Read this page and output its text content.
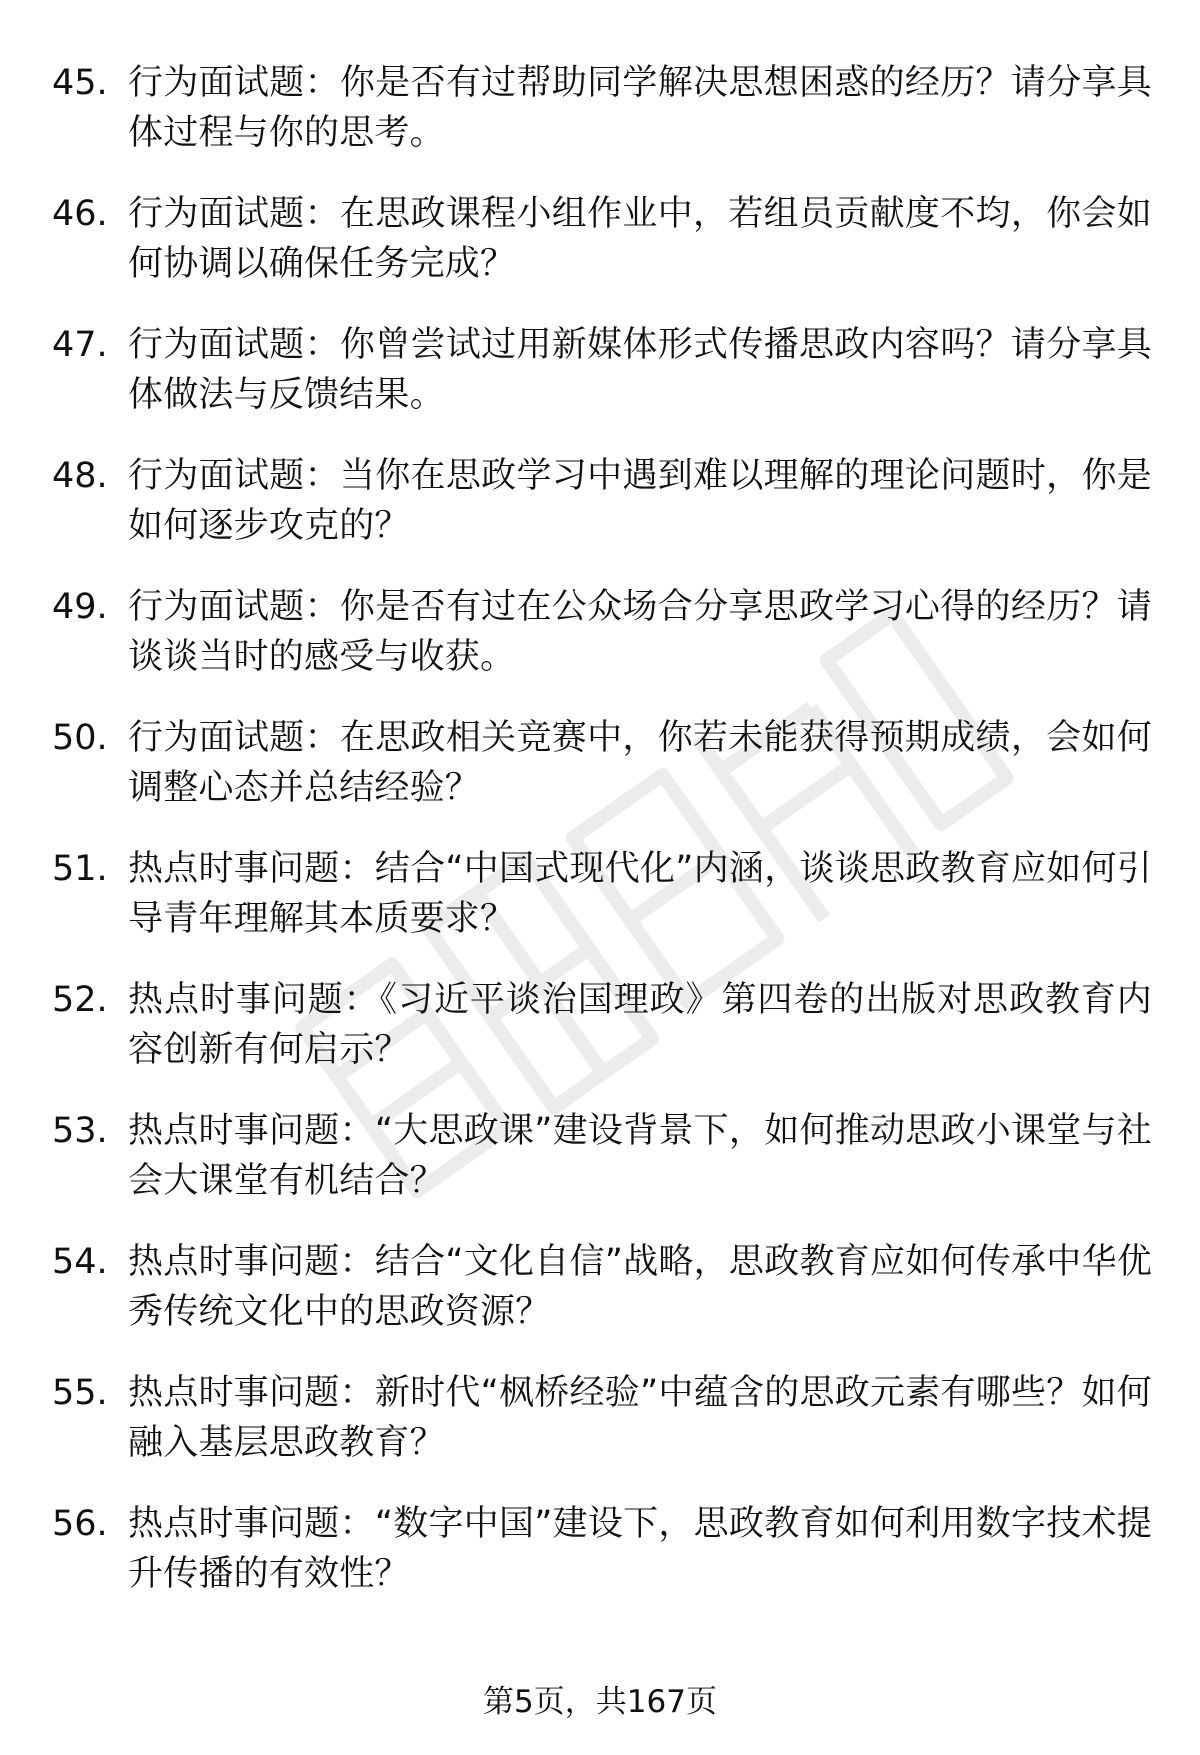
45. 行为面试题：你是否有过帮助同学解决思想困惑的经历？请分享具体过程与你的思考。
46. 行为面试题：在思政课程小组作业中，若组员贡献度不均，你会如何协调以确保任务完成？
47. 行为面试题：你曾尝试过用新媒体形式传播思政内容吗？请分享具体做法与反馈结果。
48. 行为面试题：当你在思政学习中遇到难以理解的理论问题时，你是如何逐步攻克的？
49. 行为面试题：你是否有过在公众场合分享思政学习心得的经历？请谈谈当时的感受与收获。
50. 行为面试题：在思政相关竞赛中，你若未能获得预期成绩，会如何调整心态并总结经验？
51. 热点时事问题：结合“中国式现代化”内涵，谈谈思政教育应如何引导青年理解其本质要求？
52. 热点时事问题：《习近平谈治国理政》第四卷的出版对思政教育内容创新有何启示？
53. 热点时事问题：“大思政课”建设背景下，如何推动思政小课堂与社会大课堂有机结合？
54. 热点时事问题：结合“文化自信”战略，思政教育应如何传承中华优秀传统文化中的思政资源？
55. 热点时事问题：新时代“枫桥经验”中蕴含的思政元素有哪些？如何融入基层思政教育？
56. 热点时事问题：“数字中国”建设下，思政教育如何利用数字技术提升传播的有效性？
第5页，共167页
